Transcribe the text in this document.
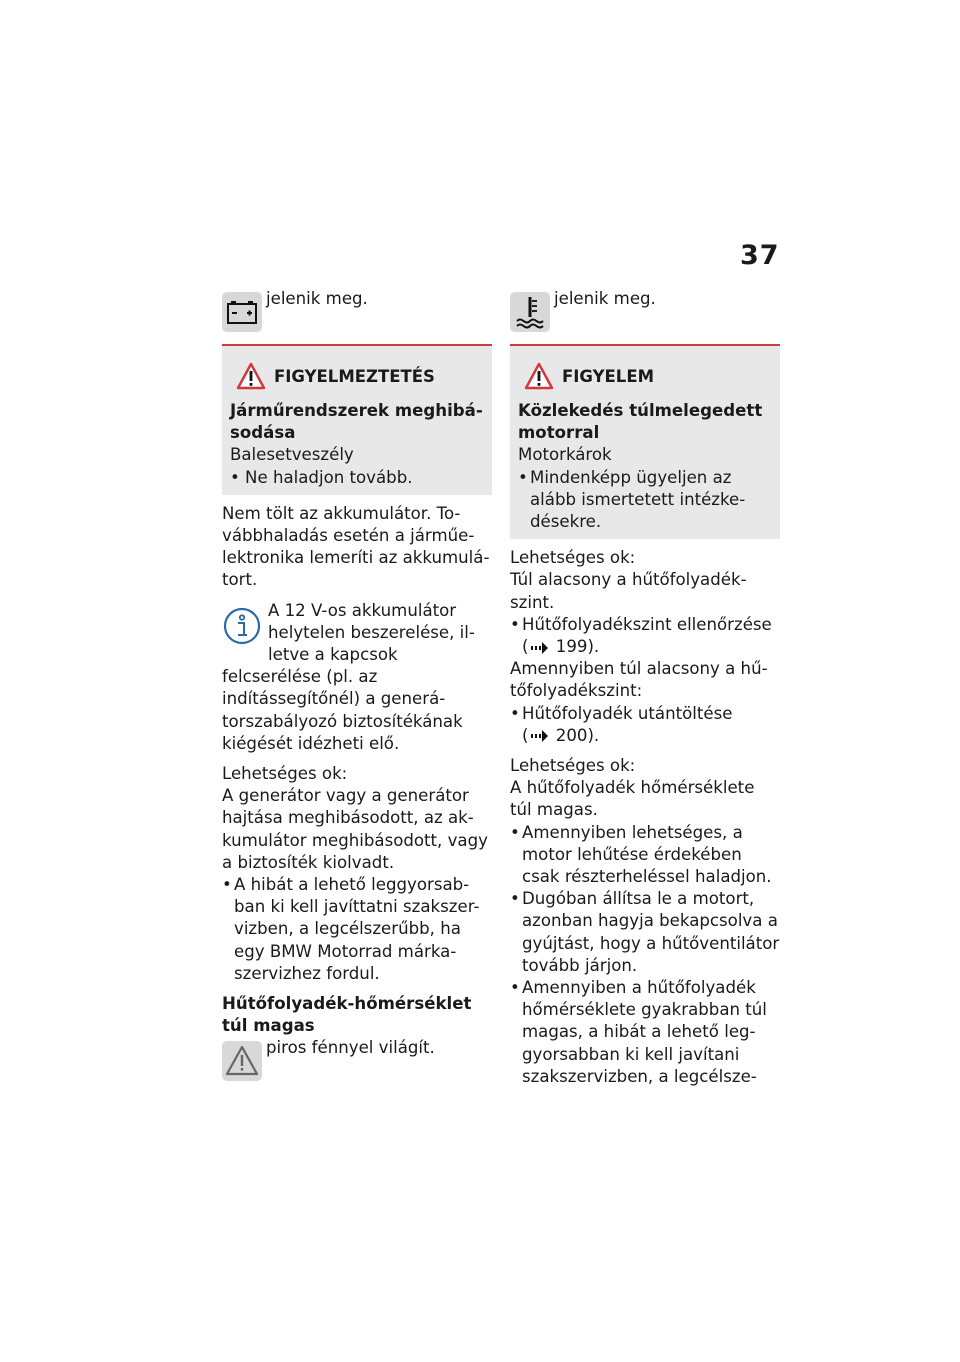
37
jelenik meg.
FIGYELMEZTETÉS
Járműrendszerek meghibá-sodása
Balesetveszély
• Ne haladjon tovább.
Nem tölt az akkumulátor. To-vábbhaladás esetén a járműe-lektronika lemeríti az akkumulá-tort.
A 12 V-os akkumulátor helytelen beszerelése, il-letve a kapcsok felcserélése (pl. az indítássegítőnél) a generá-torszabályozó biztosítékának kiégését idézheti elő.
Lehetséges ok:
A generátor vagy a generátor hajtása meghibásodott, az ak-kumulátor meghibásodott, vagy a biztosíték kiolvadt.
• A hibát a lehető leggyorsab-ban ki kell javíttatni szakszer-vizben, a legcélszerűbb, ha egy BMW Motorrad márka-szervizhez fordul.
Hűtőfolyadék-hőmérséklet túl magas
piros fénnyel világít.
jelenik meg.
FIGYELEM
Közlekedés túlmelegedett motorral
Motorkárok
• Mindenképp ügyeljen az alább ismertetett intézke-désekre.
Lehetséges ok:
Túl alacsony a hűtőfolyadék-szint.
• Hűtőfolyadékszint ellenőrzése
( 199).
Amennyiben túl alacsony a hű-tőfolyadékszint:
• Hűtőfolyadék utántöltése
( 200).
Lehetséges ok:
A hűtőfolyadék hőmérséklete túl magas.
• Amennyiben lehetséges, a motor lehűtése érdekében csak részterheléssel haladjon.
• Dugóban állítsa le a motort, azonban hagyja bekapcsolva a gyújtást, hogy a hűtőventilátor tovább járjon.
• Amennyiben a hűtőfolyadék hőmérséklete gyakrabban túl magas, a hibát a lehető leg-gyorsabban ki kell javítani szakszervizben, a legcélsze-
